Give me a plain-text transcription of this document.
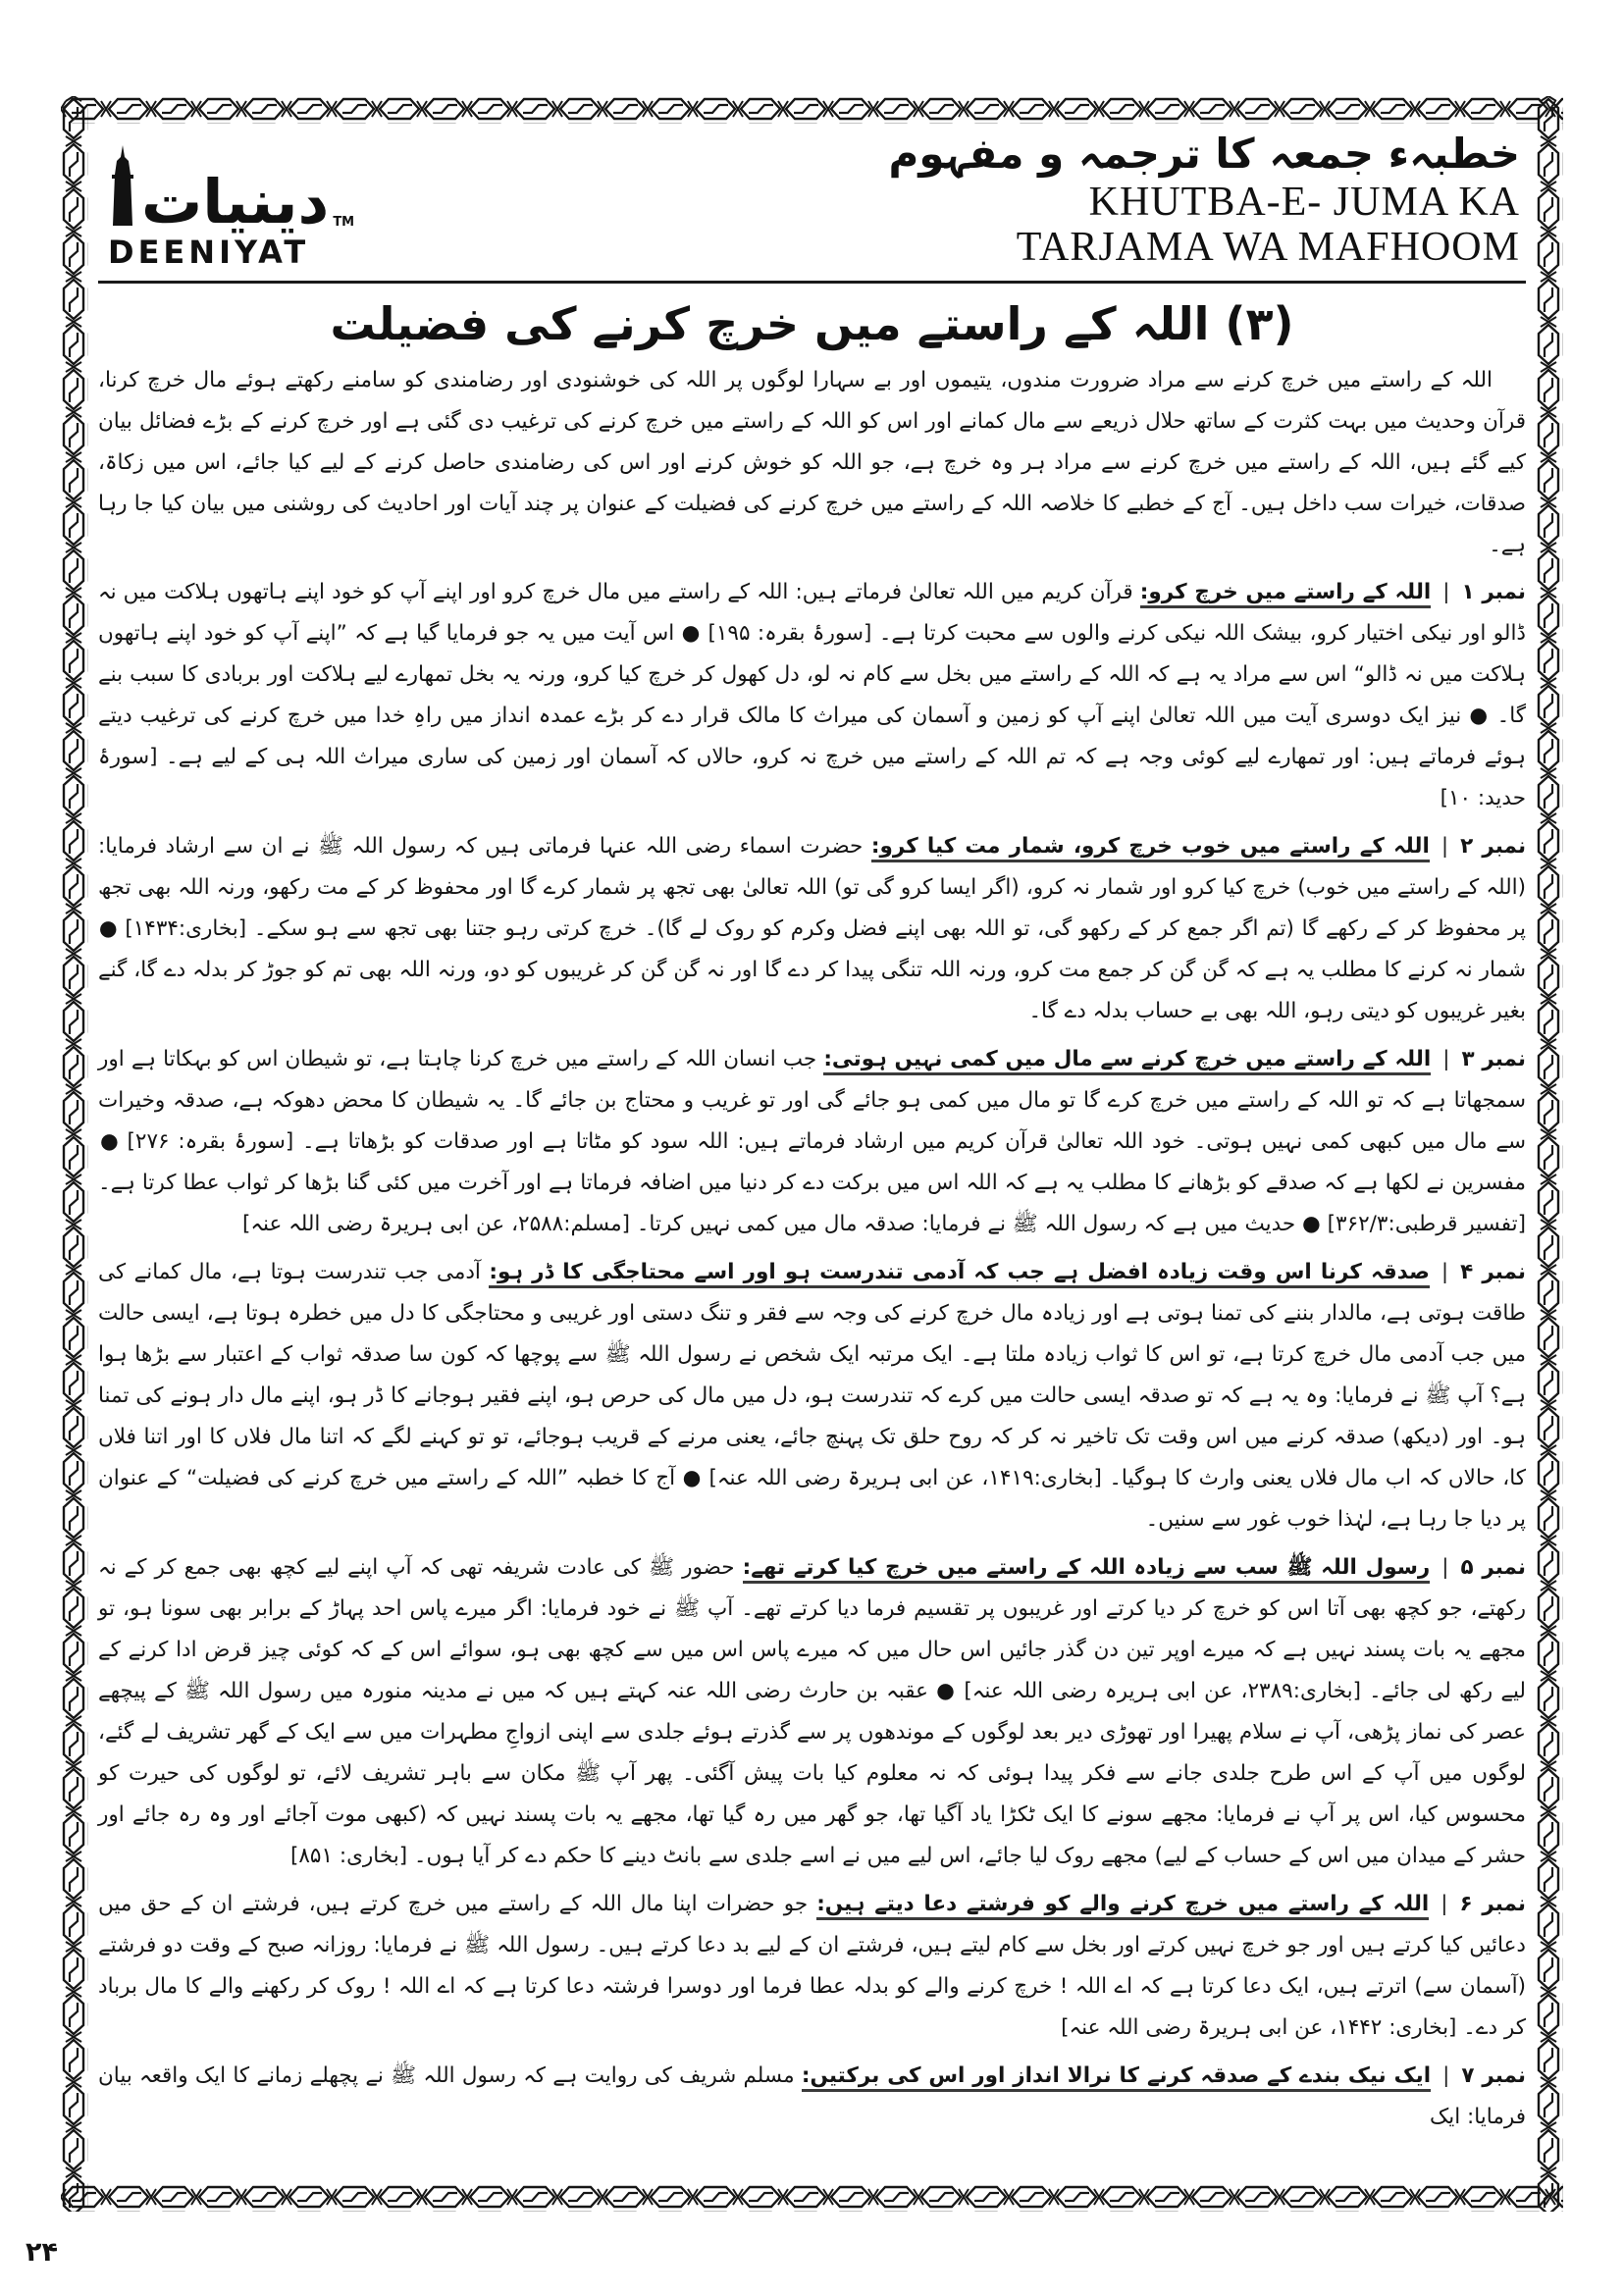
دینیات $_{TM}$
DEENIYAT
خطبہء جمعہ کا ترجمہ و مفہوم
KHUTBA-E- JUMA KA
TARJAMA WA MAFHOOM
(۳) اللہ کے راستے میں خرچ کرنے کی فضیلت

اللہ کے راستے میں خرچ کرنے سے مراد ضرورت مندوں، یتیموں اور بے سہارا لوگوں پر اللہ کی خوشنودی اور رضامندی کو سامنے رکھتے ہوئے مال خرچ کرنا، قرآن وحدیث میں بہت کثرت کے ساتھ حلال ذریعے سے مال کمانے اور اس کو اللہ کے راستے میں خرچ کرنے کی ترغیب دی گئی ہے اور خرچ کرنے کے بڑے فضائل بیان کیے گئے ہیں، اللہ کے راستے میں خرچ کرنے سے مراد ہر وہ خرچ ہے، جو اللہ کو خوش کرنے اور اس کی رضامندی حاصل کرنے کے لیے کیا جائے، اس میں زکاۃ، صدقات، خیرات سب داخل ہیں۔ آج کے خطبے کا خلاصہ اللہ کے راستے میں خرچ کرنے کی فضیلت کے عنوان پر چند آیات اور احادیث کی روشنی میں بیان کیا جا رہا ہے۔

نمبر ۱|اللہ کے راستے میں خرچ کرو: قرآن کریم میں اللہ تعالیٰ فرماتے ہیں: اللہ کے راستے میں مال خرچ کرو اور اپنے آپ کو خود اپنے ہاتھوں ہلاکت میں نہ ڈالو اور نیکی اختیار کرو، بیشک اللہ نیکی کرنے والوں سے محبت کرتا ہے۔ [سورۂ بقرہ: ۱۹۵] ● اس آیت میں یہ جو فرمایا گیا ہے کہ ”اپنے آپ کو خود اپنے ہاتھوں ہلاکت میں نہ ڈالو“ اس سے مراد یہ ہے کہ اللہ کے راستے میں بخل سے کام نہ لو، دل کھول کر خرچ کیا کرو، ورنہ یہ بخل تمھارے لیے ہلاکت اور بربادی کا سبب بنے گا۔ ● نیز ایک دوسری آیت میں اللہ تعالیٰ اپنے آپ کو زمین و آسمان کی میراث کا مالک قرار دے کر بڑے عمدہ انداز میں راہِ خدا میں خرچ کرنے کی ترغیب دیتے ہوئے فرماتے ہیں: اور تمھارے لیے کوئی وجہ ہے کہ تم اللہ کے راستے میں خرچ نہ کرو، حالاں کہ آسمان اور زمین کی ساری میراث اللہ ہی کے لیے ہے۔ [سورۂ حدید: ۱۰]
نمبر ۲|اللہ کے راستے میں خوب خرچ کرو، شمار مت کیا کرو: حضرت اسماء رضی اللہ عنہا فرماتی ہیں کہ رسول اللہ ﷺ نے ان سے ارشاد فرمایا: (اللہ کے راستے میں خوب) خرچ کیا کرو اور شمار نہ کرو، (اگر ایسا کرو گی تو) اللہ تعالیٰ بھی تجھ پر شمار کرے گا اور محفوظ کر کے مت رکھو، ورنہ اللہ بھی تجھ پر محفوظ کر کے رکھے گا (تم اگر جمع کر کے رکھو گی، تو اللہ بھی اپنے فضل وکرم کو روک لے گا)۔ خرچ کرتی رہو جتنا بھی تجھ سے ہو سکے۔ [بخاری:۱۴۳۴] ● شمار نہ کرنے کا مطلب یہ ہے کہ گن گن کر جمع مت کرو، ورنہ اللہ تنگی پیدا کر دے گا اور نہ گن گن کر غریبوں کو دو، ورنہ اللہ بھی تم کو جوڑ کر بدلہ دے گا، گنے بغیر غریبوں کو دیتی رہو، اللہ بھی بے حساب بدلہ دے گا۔
نمبر ۳|اللہ کے راستے میں خرچ کرنے سے مال میں کمی نہیں ہوتی: جب انسان اللہ کے راستے میں خرچ کرنا چاہتا ہے، تو شیطان اس کو بہکاتا ہے اور سمجھاتا ہے کہ تو اللہ کے راستے میں خرچ کرے گا تو مال میں کمی ہو جائے گی اور تو غریب و محتاج بن جائے گا۔ یہ شیطان کا محض دھوکہ ہے، صدقہ وخیرات سے مال میں کبھی کمی نہیں ہوتی۔ خود اللہ تعالیٰ قرآن کریم میں ارشاد فرماتے ہیں: اللہ سود کو مٹاتا ہے اور صدقات کو بڑھاتا ہے۔ [سورۂ بقرہ: ۲۷۶] ● مفسرین نے لکھا ہے کہ صدقے کو بڑھانے کا مطلب یہ ہے کہ اللہ اس میں برکت دے کر دنیا میں اضافہ فرماتا ہے اور آخرت میں کئی گنا بڑھا کر ثواب عطا کرتا ہے۔ [تفسیر قرطبی:۳۶۲/۳] ● حدیث میں ہے کہ رسول اللہ ﷺ نے فرمایا: صدقہ مال میں کمی نہیں کرتا۔ [مسلم:۲۵۸۸، عن ابی ہریرۃ رضی اللہ عنہ]
نمبر ۴|صدقہ کرنا اس وقت زیادہ افضل ہے جب کہ آدمی تندرست ہو اور اسے محتاجگی کا ڈر ہو: آدمی جب تندرست ہوتا ہے، مال کمانے کی طاقت ہوتی ہے، مالدار بننے کی تمنا ہوتی ہے اور زیادہ مال خرچ کرنے کی وجہ سے فقر و تنگ دستی اور غریبی و محتاجگی کا دل میں خطرہ ہوتا ہے، ایسی حالت میں جب آدمی مال خرچ کرتا ہے، تو اس کا ثواب زیادہ ملتا ہے۔ ایک مرتبہ ایک شخص نے رسول اللہ ﷺ سے پوچھا کہ کون سا صدقہ ثواب کے اعتبار سے بڑھا ہوا ہے؟ آپ ﷺ نے فرمایا: وہ یہ ہے کہ تو صدقہ ایسی حالت میں کرے کہ تندرست ہو، دل میں مال کی حرص ہو، اپنے فقیر ہوجانے کا ڈر ہو، اپنے مال دار ہونے کی تمنا ہو۔ اور (دیکھ) صدقہ کرنے میں اس وقت تک تاخیر نہ کر کہ روح حلق تک پہنچ جائے، یعنی مرنے کے قریب ہوجائے، تو تو کہنے لگے کہ اتنا مال فلاں کا اور اتنا فلاں کا، حالاں کہ اب مال فلاں یعنی وارث کا ہوگیا۔ [بخاری:۱۴۱۹، عن ابی ہریرۃ رضی اللہ عنہ] ● آج کا خطبہ ”اللہ کے راستے میں خرچ کرنے کی فضیلت“ کے عنوان پر دیا جا رہا ہے، لہٰذا خوب غور سے سنیں۔
نمبر ۵|رسول اللہ ﷺ سب سے زیادہ اللہ کے راستے میں خرچ کیا کرتے تھے: حضور ﷺ کی عادت شریفہ تھی کہ آپ اپنے لیے کچھ بھی جمع کر کے نہ رکھتے، جو کچھ بھی آتا اس کو خرچ کر دیا کرتے اور غریبوں پر تقسیم فرما دیا کرتے تھے۔ آپ ﷺ نے خود فرمایا: اگر میرے پاس احد پہاڑ کے برابر بھی سونا ہو، تو مجھے یہ بات پسند نہیں ہے کہ میرے اوپر تین دن گذر جائیں اس حال میں کہ میرے پاس اس میں سے کچھ بھی ہو، سوائے اس کے کہ کوئی چیز قرض ادا کرنے کے لیے رکھ لی جائے۔ [بخاری:۲۳۸۹، عن ابی ہریرہ رضی اللہ عنہ] ● عقبہ بن حارث رضی اللہ عنہ کہتے ہیں کہ میں نے مدینہ منورہ میں رسول اللہ ﷺ کے پیچھے عصر کی نماز پڑھی، آپ نے سلام پھیرا اور تھوڑی دیر بعد لوگوں کے موندھوں پر سے گذرتے ہوئے جلدی سے اپنی ازواجِ مطہرات میں سے ایک کے گھر تشریف لے گئے، لوگوں میں آپ کے اس طرح جلدی جانے سے فکر پیدا ہوئی کہ نہ معلوم کیا بات پیش آگئی۔ پھر آپ ﷺ مکان سے باہر تشریف لائے، تو لوگوں کی حیرت کو محسوس کیا، اس پر آپ نے فرمایا: مجھے سونے کا ایک ٹکڑا یاد آگیا تھا، جو گھر میں رہ گیا تھا، مجھے یہ بات پسند نہیں کہ (کبھی موت آجائے اور وہ رہ جائے اور حشر کے میدان میں اس کے حساب کے لیے) مجھے روک لیا جائے، اس لیے میں نے اسے جلدی سے بانٹ دینے کا حکم دے کر آیا ہوں۔ [بخاری: ۸۵۱]
نمبر ۶|اللہ کے راستے میں خرچ کرنے والے کو فرشتے دعا دیتے ہیں: جو حضرات اپنا مال اللہ کے راستے میں خرچ کرتے ہیں، فرشتے ان کے حق میں دعائیں کیا کرتے ہیں اور جو خرچ نہیں کرتے اور بخل سے کام لیتے ہیں، فرشتے ان کے لیے بد دعا کرتے ہیں۔ رسول اللہ ﷺ نے فرمایا: روزانہ صبح کے وقت دو فرشتے (آسمان سے) اترتے ہیں، ایک دعا کرتا ہے کہ اے اللہ ! خرچ کرنے والے کو بدلہ عطا فرما اور دوسرا فرشتہ دعا کرتا ہے کہ اے اللہ ! روک کر رکھنے والے کا مال برباد کر دے۔ [بخاری: ۱۴۴۲، عن ابی ہریرۃ رضی اللہ عنہ]
نمبر ۷|ایک نیک بندے کے صدقہ کرنے کا نرالا انداز اور اس کی برکتیں: مسلم شریف کی روایت ہے کہ رسول اللہ ﷺ نے پچھلے زمانے کا ایک واقعہ بیان فرمایا: ایک
۲۴
